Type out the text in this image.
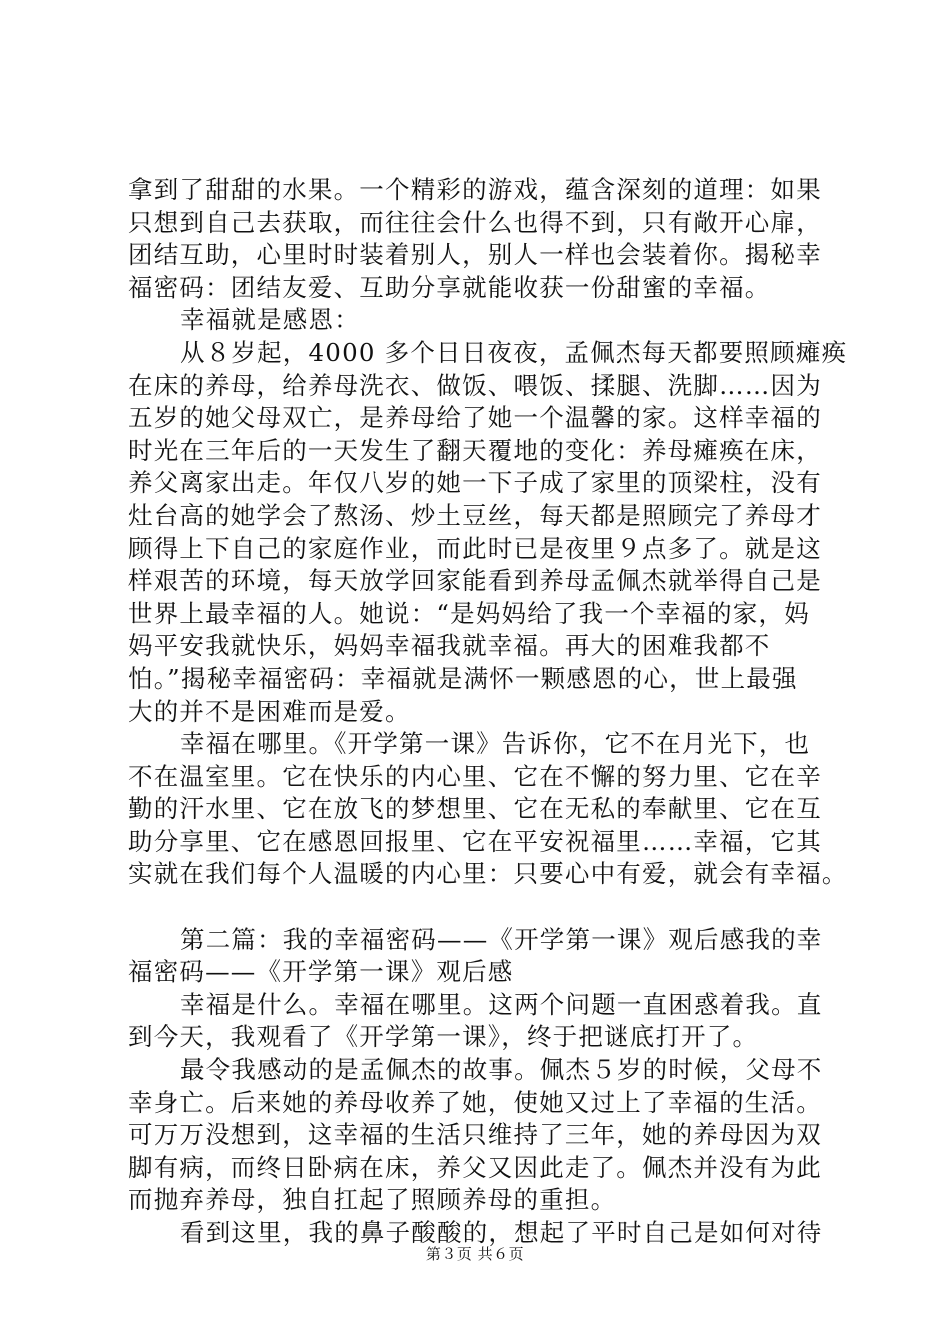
拿到了甜甜的水果。一个精彩的游戏，蕴含深刻的道理：如果
只想到自己去获取，而往往会什么也得不到，只有敞开心扉，
团结互助，心里时时装着别人，别人一样也会装着你。揭秘幸
福密码：团结友爱、互助分享就能收获一份甜蜜的幸福。
幸福就是感恩：
从８岁起，4000 多个日日夜夜，孟佩杰每天都要照顾瘫痪
在床的养母，给养母洗衣、做饭、喂饭、揉腿、洗脚……因为
五岁的她父母双亡，是养母给了她一个温馨的家。这样幸福的
时光在三年后的一天发生了翻天覆地的变化：养母瘫痪在床，
养父离家出走。年仅八岁的她一下子成了家里的顶梁柱，没有
灶台高的她学会了熬汤、炒土豆丝，每天都是照顾完了养母才
顾得上下自己的家庭作业，而此时已是夜里９点多了。就是这
样艰苦的环境，每天放学回家能看到养母孟佩杰就举得自己是
世界上最幸福的人。她说：“是妈妈给了我一个幸福的家，妈
妈平安我就快乐，妈妈幸福我就幸福。再大的困难我都不
怕。”揭秘幸福密码：幸福就是满怀一颗感恩的心，世上最强
大的并不是困难而是爱。
幸福在哪里。《开学第一课》告诉你，它不在月光下，也
不在温室里。它在快乐的内心里、它在不懈的努力里、它在辛
勤的汗水里、它在放飞的梦想里、它在无私的奉献里、它在互
助分享里、它在感恩回报里、它在平安祝福里……幸福，它其
实就在我们每个人温暖的内心里：只要心中有爱，就会有幸福。
第二篇：我的幸福密码——《开学第一课》观后感我的幸
福密码——《开学第一课》观后感
幸福是什么。幸福在哪里。这两个问题一直困惑着我。直
到今天，我观看了《开学第一课》，终于把谜底打开了。
最令我感动的是孟佩杰的故事。佩杰５岁的时候，父母不
幸身亡。后来她的养母收养了她，使她又过上了幸福的生活。
可万万没想到，这幸福的生活只维持了三年，她的养母因为双
脚有病，而终日卧病在床，养父又因此走了。佩杰并没有为此
而抛弃养母，独自扛起了照顾养母的重担。
看到这里，我的鼻子酸酸的，想起了平时自己是如何对待
第３页 共６页
